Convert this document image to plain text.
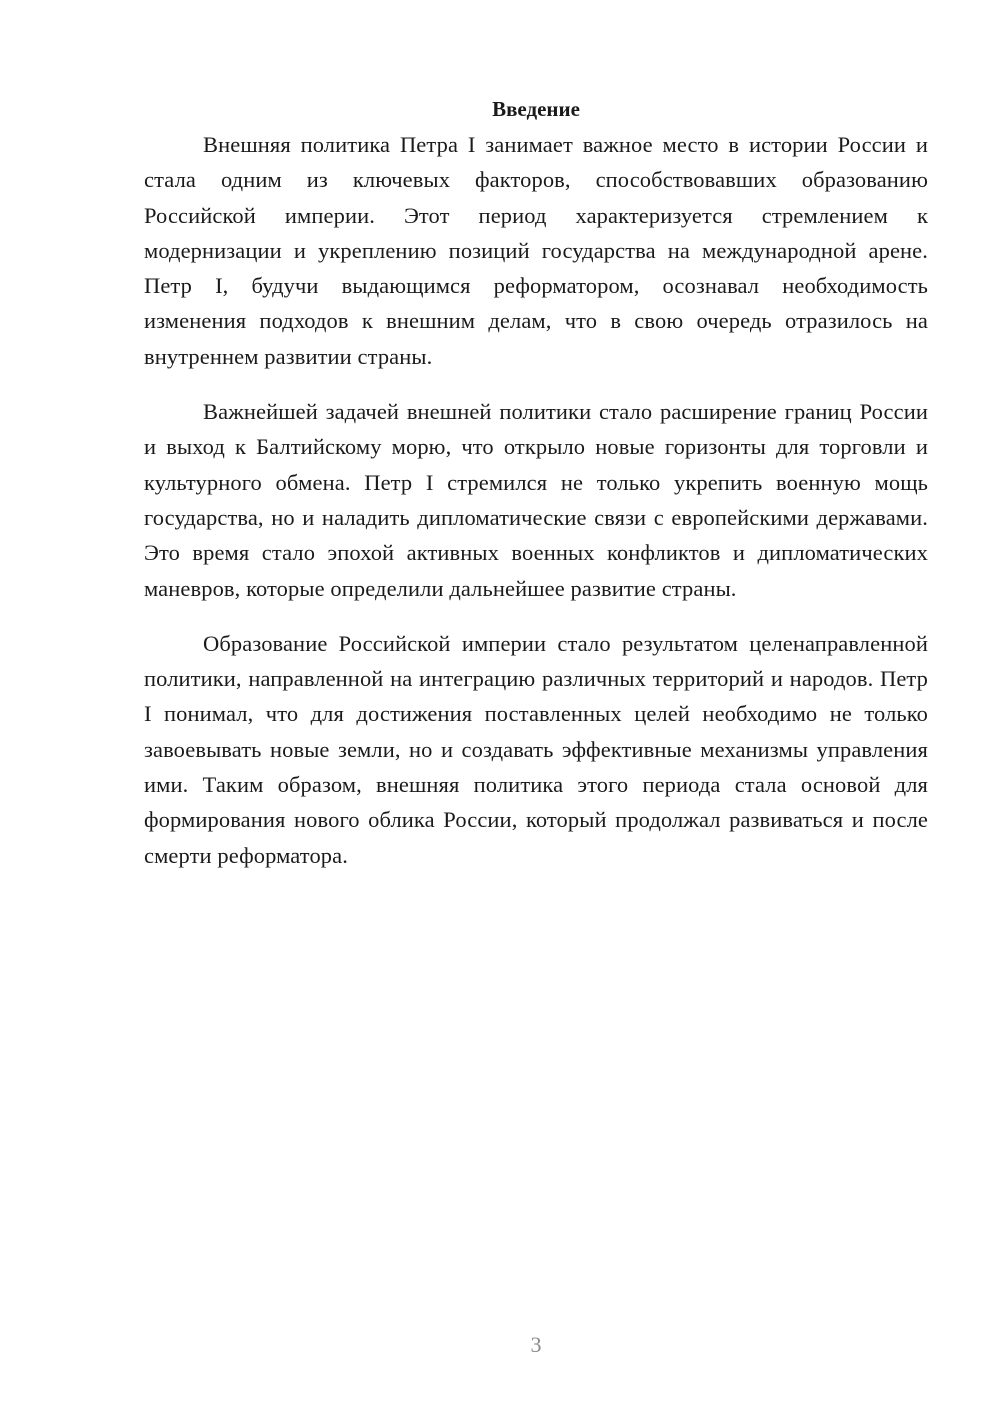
Введение

Внешняя политика Петра I занимает важное место в истории России и стала одним из ключевых факторов, способствовавших образованию Российской империи. Этот период характеризуется стремлением к модернизации и укреплению позиций государства на международной арене. Петр I, будучи выдающимся реформатором, осознавал необходимость изменения подходов к внешним делам, что в свою очередь отразилось на внутреннем развитии страны.

Важнейшей задачей внешней политики стало расширение границ России и выход к Балтийскому морю, что открыло новые горизонты для торговли и культурного обмена. Петр I стремился не только укрепить военную мощь государства, но и наладить дипломатические связи с европейскими державами. Это время стало эпохой активных военных конфликтов и дипломатических маневров, которые определили дальнейшее развитие страны.

Образование Российской империи стало результатом целенаправленной политики, направленной на интеграцию различных территорий и народов. Петр I понимал, что для достижения поставленных целей необходимо не только завоевывать новые земли, но и создавать эффективные механизмы управления ими. Таким образом, внешняя политика этого периода стала основой для формирования нового облика России, который продолжал развиваться и после смерти реформатора.

3
